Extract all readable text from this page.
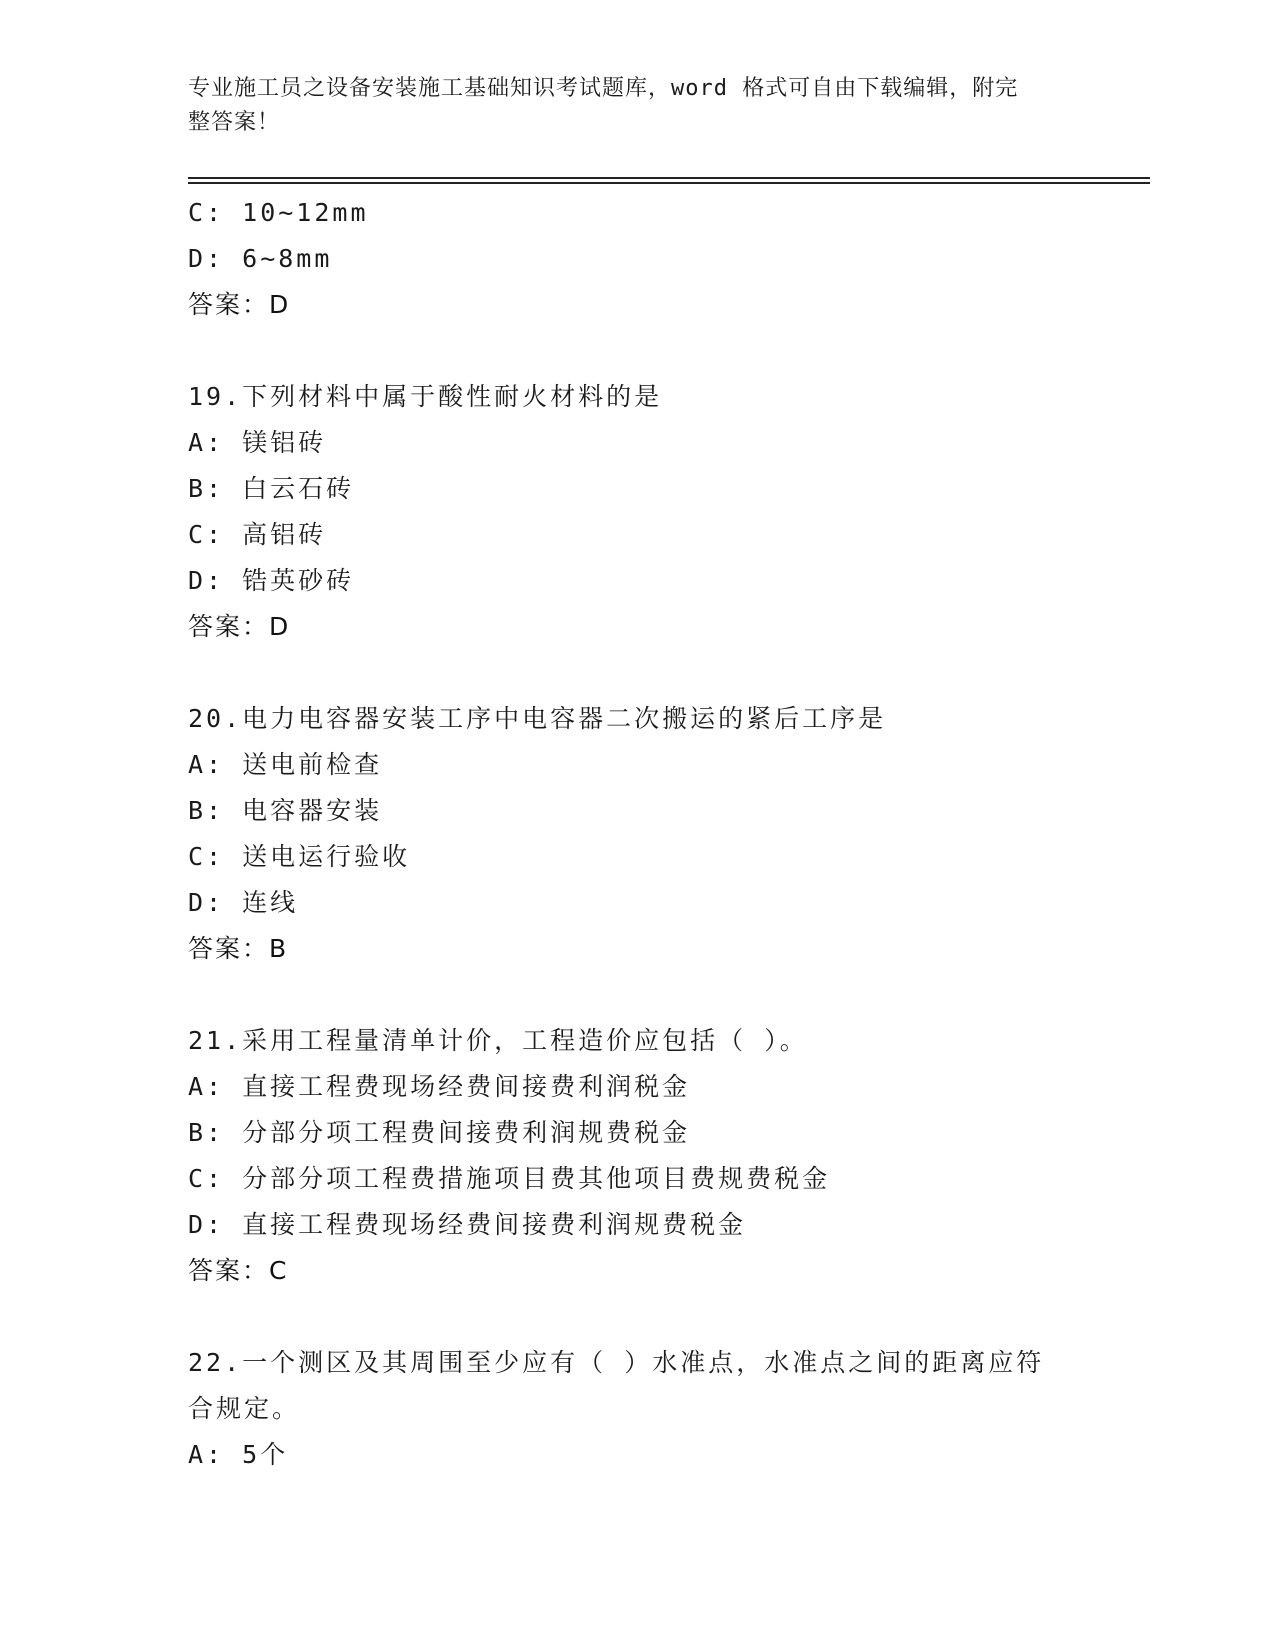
专业施工员之设备安装施工基础知识考试题库，word 格式可自由下载编辑，附完
整答案！
C: 10~12mm
D: 6~8mm
答案：D
19.下列材料中属于酸性耐火材料的是
A: 镁铝砖
B: 白云石砖
C: 高铝砖
D: 锆英砂砖
答案：D
20.电力电容器安装工序中电容器二次搬运的紧后工序是
A: 送电前检查
B: 电容器安装
C: 送电运行验收
D: 连线
答案：B
21.采用工程量清单计价，工程造价应包括（ ）。
A: 直接工程费现场经费间接费利润税金
B: 分部分项工程费间接费利润规费税金
C: 分部分项工程费措施项目费其他项目费规费税金
D: 直接工程费现场经费间接费利润规费税金
答案：C
22.一个测区及其周围至少应有（ ）水准点，水准点之间的距离应符
合规定。
A: 5个
